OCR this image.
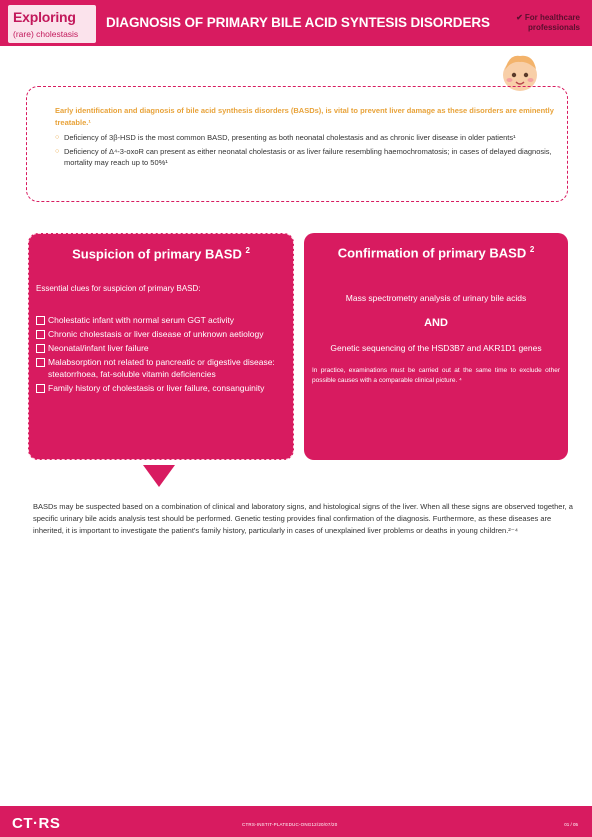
Exploring
(rare) cholestasis
DIAGNOSIS OF PRIMARY BILE ACID SYNTESIS DISORDERS	✔ For healthcare professionals
Early identification and diagnosis of bile acid synthesis disorders (BASDs), is vital to prevent liver damage as these disorders are eminently treatable.¹
○ Deficiency of 3β-HSD is the most common BASD, presenting as both neonatal cholestasis and as chronic liver disease in older patients¹
○ Deficiency of Δ⁴-3-oxoR can present as either neonatal cholestasis or as liver failure resembling haemochromatosis; in cases of delayed diagnosis, mortality may reach up to 50%¹
Suspicion of primary BASD $^2$
Essential clues for suspicion of primary BASD:
Cholestatic infant with normal serum GGT activity
Chronic cholestasis or liver disease of unknown aetiology
Neonatal/infant liver failure
Malabsorption not related to pancreatic or digestive disease: steatorrhoea, fat-soluble vitamin deficiencies
Family history of cholestasis or liver failure, consanguinity
Confirmation of primary BASD $^2$
Mass spectrometry analysis of urinary bile acids
AND
Genetic sequencing of the HSD3B7 and AKR1D1 genes
In practice, examinations must be carried out at the same time to exclude other possible causes with a comparable clinical picture. ⁴
BASDs may be suspected based on a combination of clinical and laboratory signs, and histological signs of the liver. When all these signs are observed together, a specific urinary bile acids analysis test should be performed. Genetic testing provides final confirmation of the diagnosis. Furthermore, as these diseases are inherited, it is important to investigate the patient's family history, particularly in cases of unexplained liver problems or deaths in young children.²⁻⁴
CT·RS	CTRS-INSTIT-PLATEDUC-ONG12/20/07/20	01 / 05
